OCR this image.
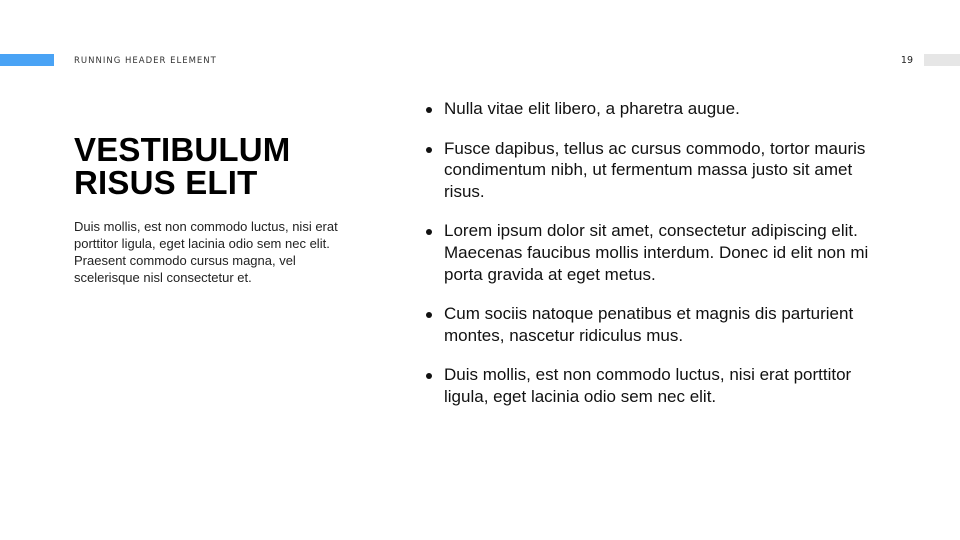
RUNNING HEADER ELEMENT	19
VESTIBULUM
RISUS ELIT

Duis mollis, est non commodo luctus, nisi erat porttitor ligula, eget lacinia odio sem nec elit. Praesent commodo cursus magna, vel scelerisque nisl consectetur et.

Nulla vitae elit libero, a pharetra augue.
Fusce dapibus, tellus ac cursus commodo, tortor mauris condimentum nibh, ut fermentum massa justo sit amet risus.
Lorem ipsum dolor sit amet, consectetur adipiscing elit. Maecenas faucibus mollis interdum. Donec id elit non mi porta gravida at eget metus.
Cum sociis natoque penatibus et magnis dis parturient montes, nascetur ridiculus mus.
Duis mollis, est non commodo luctus, nisi erat porttitor ligula, eget lacinia odio sem nec elit.
